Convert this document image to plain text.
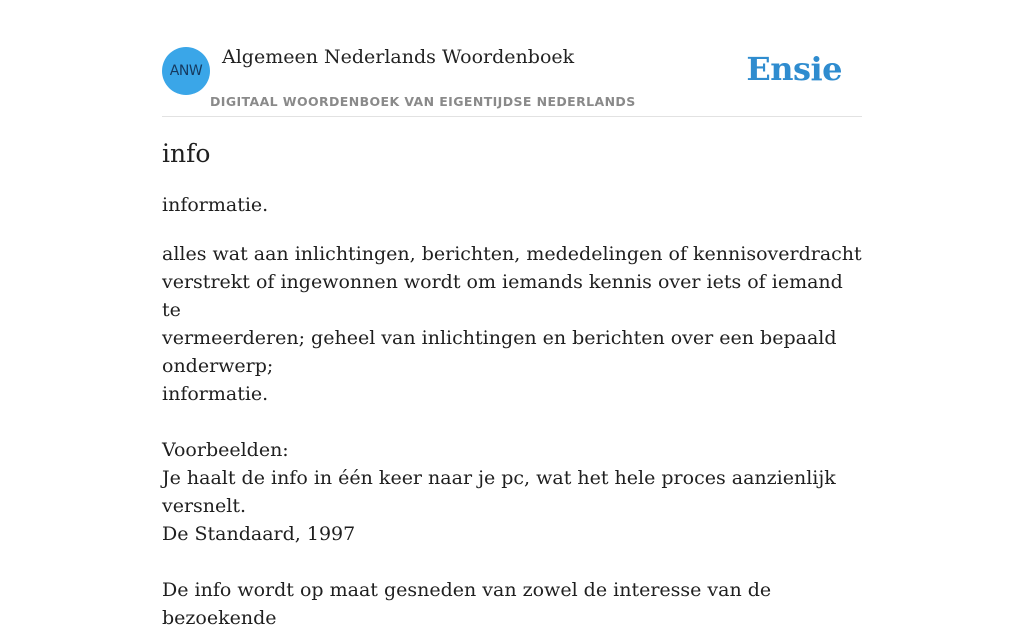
ANW
Algemeen Nederlands Woordenboek
DIGITAAL WOORDENBOEK VAN EIGENTIJDSE NEDERLANDS
Ensie
info
informatie.

alles wat aan inlichtingen, berichten, mededelingen of kennisoverdracht

verstrekt of ingewonnen wordt om iemands kennis over iets of iemand te

vermeerderen; geheel van inlichtingen en berichten over een bepaald onderwerp;

informatie.

Voorbeelden:

Je haalt de info in één keer naar je pc, wat het hele proces aanzienlijk versnelt.

De Standaard, 1997

De info wordt op maat gesneden van zowel de interesse van de bezoekende
